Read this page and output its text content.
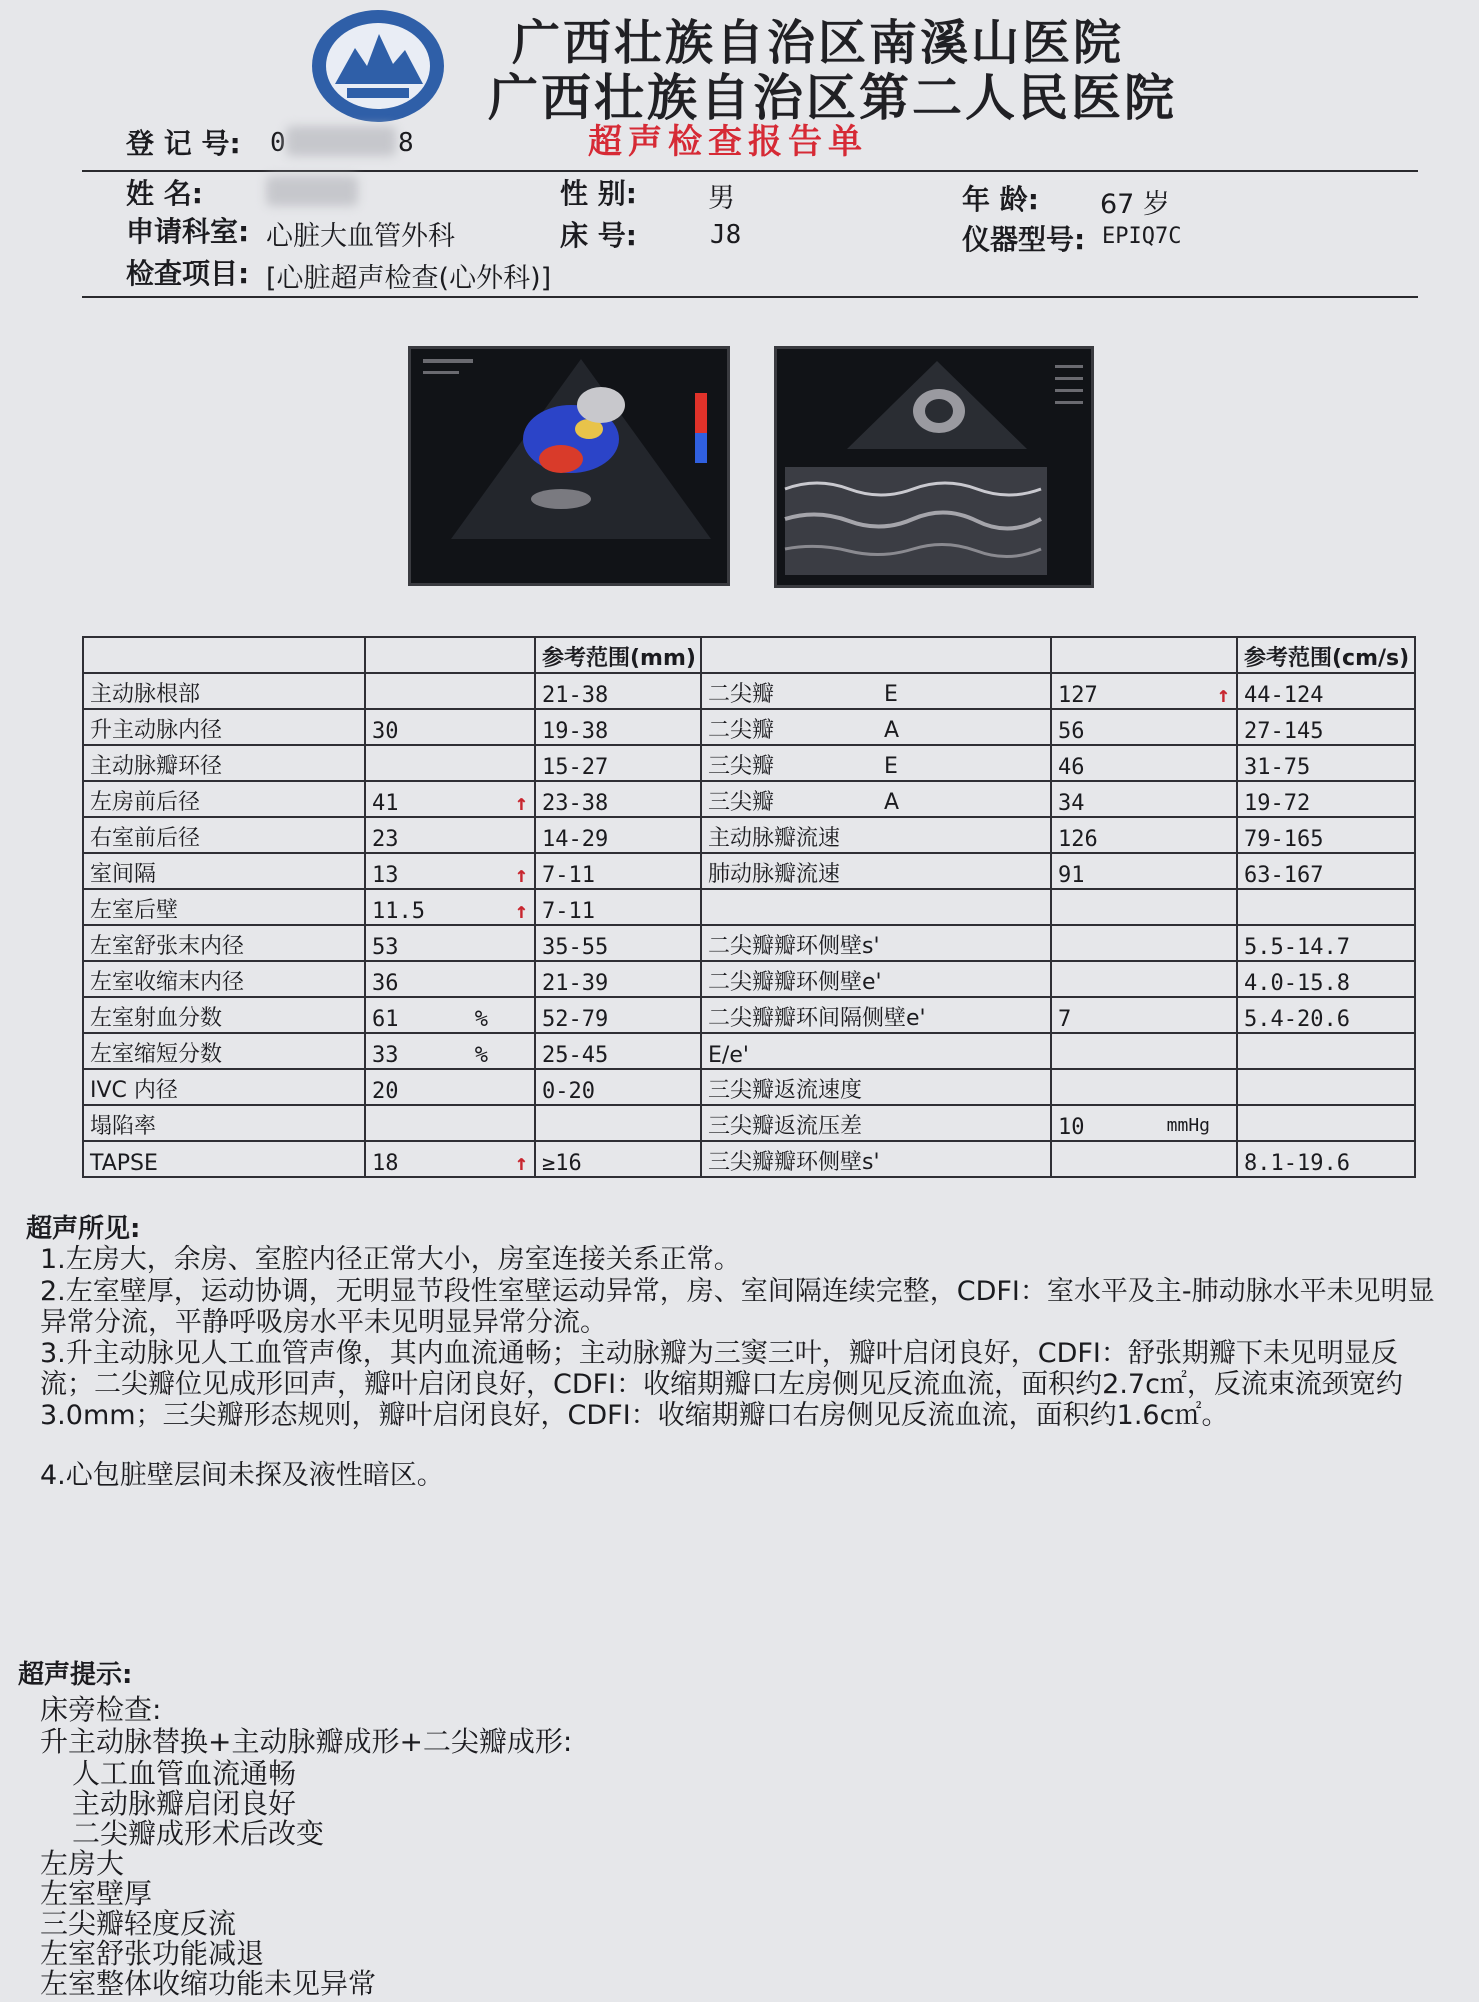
广西壮族自治区南溪山医院
广西壮族自治区第二人民医院
超声检查报告单
登 记 号: 0	8
姓 名:	性 别:	男	年 龄: 67 岁
申请科室: 心脏大血管外科	床 号:	J8	仪器型号: EPIQ7C
检查项目: [心脏超声检查(心外科)]
		参考范围(mm)			参考范围(cm/s)
主动脉根部		21-38	二尖瓣 E	127 ↑	44-124
升主动脉内径	30	19-38	二尖瓣 A	56	27-145
主动脉瓣环径		15-27	三尖瓣 E	46	31-75
左房前后径	41 ↑	23-38	三尖瓣 A	34	19-72
右室前后径	23	14-29	主动脉瓣流速	126	79-165
室间隔	13 ↑	7-11	肺动脉瓣流速	91	63-167
左室后壁	11.5 ↑	7-11		

左室舒张末内径	53	35-55	二尖瓣瓣环侧壁s'		5.5-14.7
左室收缩末内径	36	21-39	二尖瓣瓣环侧壁e'		4.0-15.8
左室射血分数	61 %	52-79	二尖瓣瓣环间隔侧壁e'	7	5.4-20.6
左室缩短分数	33 %	25-45	E/e'	

IVC 内径	20	0-20	三尖瓣返流速度	

塌陷率			三尖瓣返流压差	10 mmHg	

TAPSE	18 ↑	≥16	三尖瓣瓣环侧壁s'		8.1-19.6
超声所见:
1.左房大，余房、室腔内径正常大小，房室连接关系正常。
2.左室壁厚，运动协调，无明显节段性室壁运动异常，房、室间隔连续完整，CDFI：室水平及主-肺动脉水平未见明显异常分流，平静呼吸房水平未见明显异常分流。
3.升主动脉见人工血管声像，其内血流通畅；主动脉瓣为三窦三叶，瓣叶启闭良好，CDFI：舒张期瓣下未见明显反流；二尖瓣位见成形回声，瓣叶启闭良好，CDFI：收缩期瓣口左房侧见反流血流，面积约2.7c㎡，反流束流颈宽约3.0mm；三尖瓣形态规则，瓣叶启闭良好，CDFI：收缩期瓣口右房侧见反流血流，面积约1.6c㎡。
4.心包脏壁层间未探及液性暗区。
超声提示:
床旁检查:
升主动脉替换+主动脉瓣成形+二尖瓣成形:
人工血管血流通畅
主动脉瓣启闭良好
二尖瓣成形术后改变
左房大
左室壁厚
三尖瓣轻度反流
左室舒张功能减退
左室整体收缩功能未见异常
